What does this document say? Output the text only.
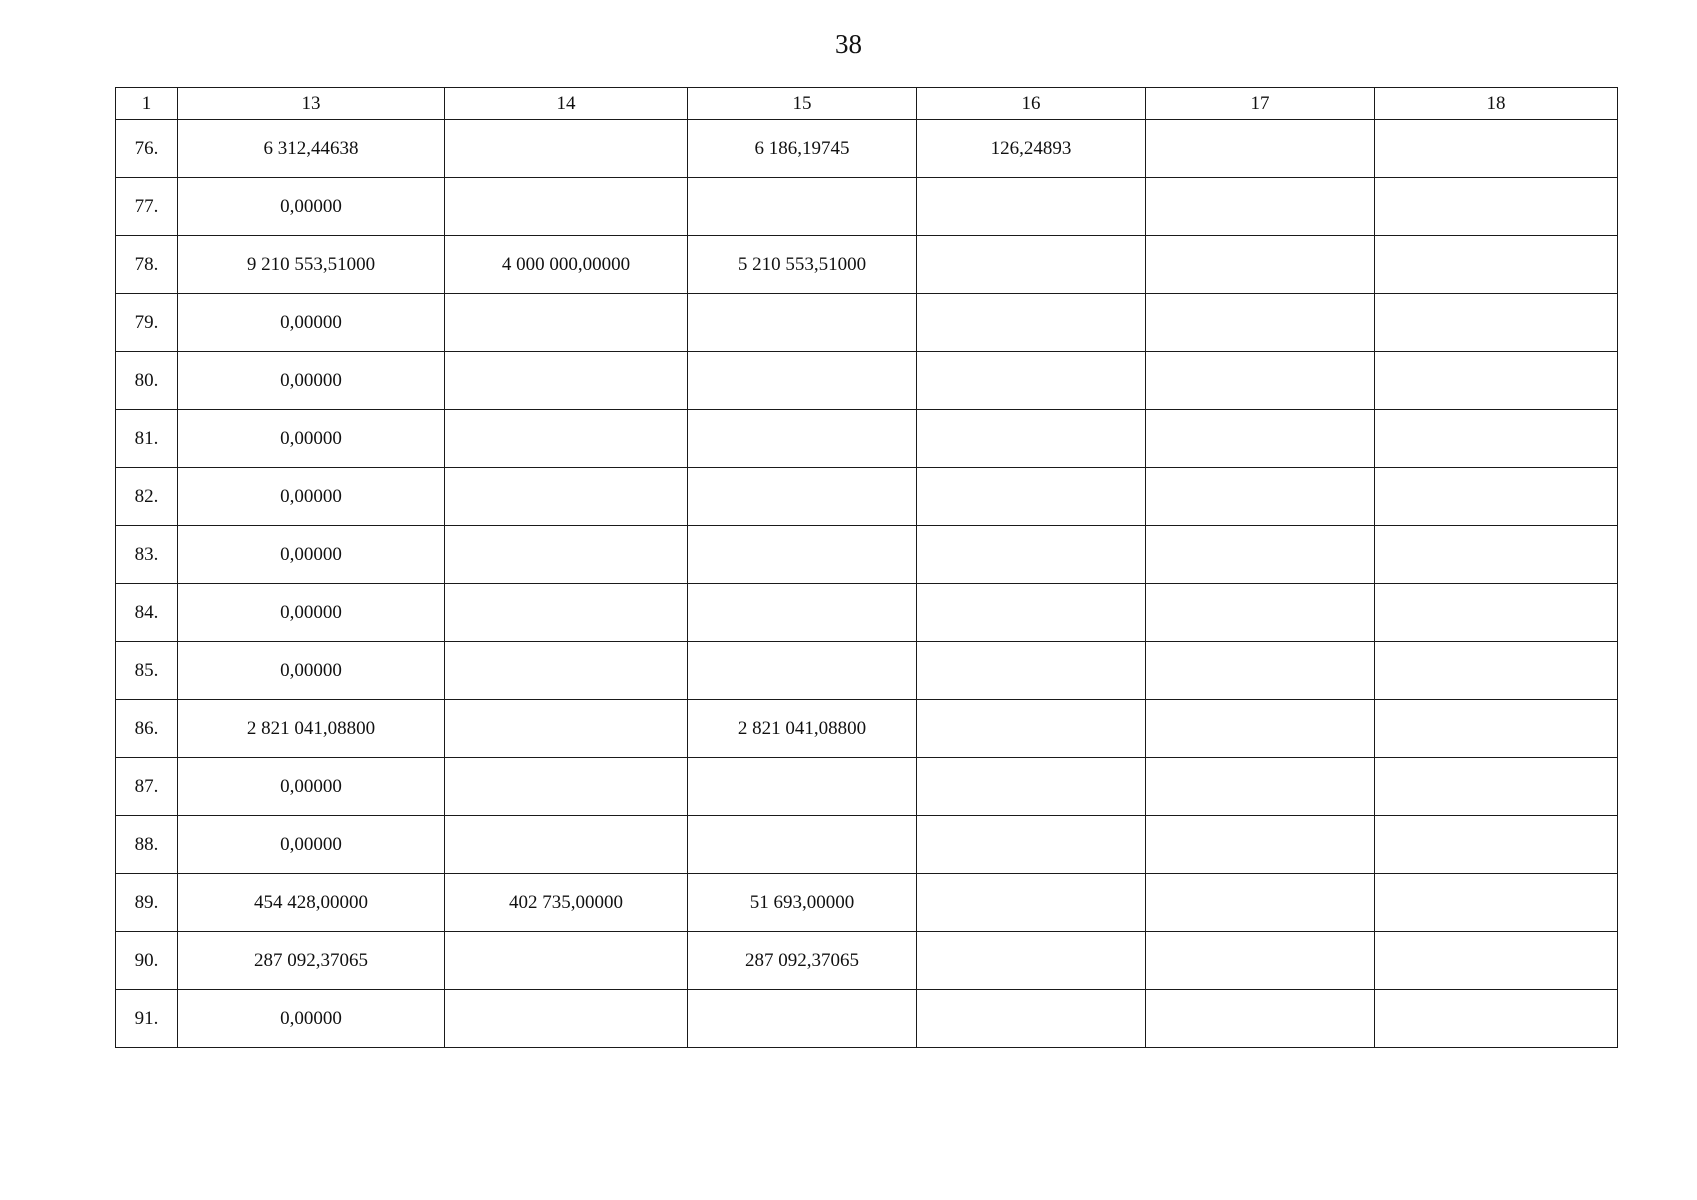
38
1	13	14	15	16	17	18
76.	6 312,44638		6 186,19745	126,24893		
77.	0,00000					
78.	9 210 553,51000	4 000 000,00000	5 210 553,51000			
79.	0,00000					
80.	0,00000					
81.	0,00000					
82.	0,00000					
83.	0,00000					
84.	0,00000					
85.	0,00000					
86.	2 821 041,08800		2 821 041,08800			
87.	0,00000					
88.	0,00000					
89.	454 428,00000	402 735,00000	51 693,00000			
90.	287 092,37065		287 092,37065			
91.	0,00000					
